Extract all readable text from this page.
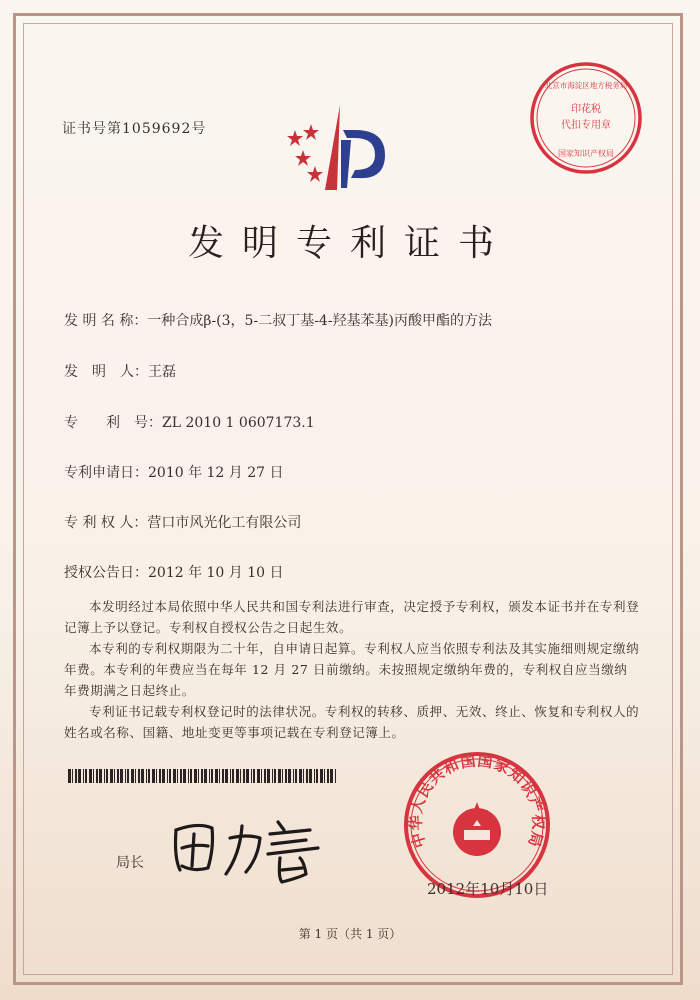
证书号第1059692号
印花税
代扣专用章
北京市海淀区地方税务局
国家知识产权局
发明专利证书
发 明 名 称：一种合成β-(3，5-二叔丁基-4-羟基苯基)丙酸甲酯的方法
发　明　人：王磊
专　　利　号：ZL 2010 1 0607173.1
专利申请日：2010 年 12 月 27 日
专 利 权 人：营口市风光化工有限公司
授权公告日：2012 年 10 月 10 日

本发明经过本局依照中华人民共和国专利法进行审查，决定授予专利权，颁发本证书并在专利登记簿上予以登记。专利权自授权公告之日起生效。

本专利的专利权期限为二十年，自申请日起算。专利权人应当依照专利法及其实施细则规定缴纳年费。本专利的年费应当在每年 12 月 27 日前缴纳。未按照规定缴纳年费的，专利权自应当缴纳年费期满之日起终止。

专利证书记载专利权登记时的法律状况。专利权的转移、质押、无效、终止、恢复和专利权人的姓名或名称、国籍、地址变更等事项记载在专利登记簿上。

局长
中华人民共和国国家知识产权局
2012年10月10日
第 1 页（共 1 页）
